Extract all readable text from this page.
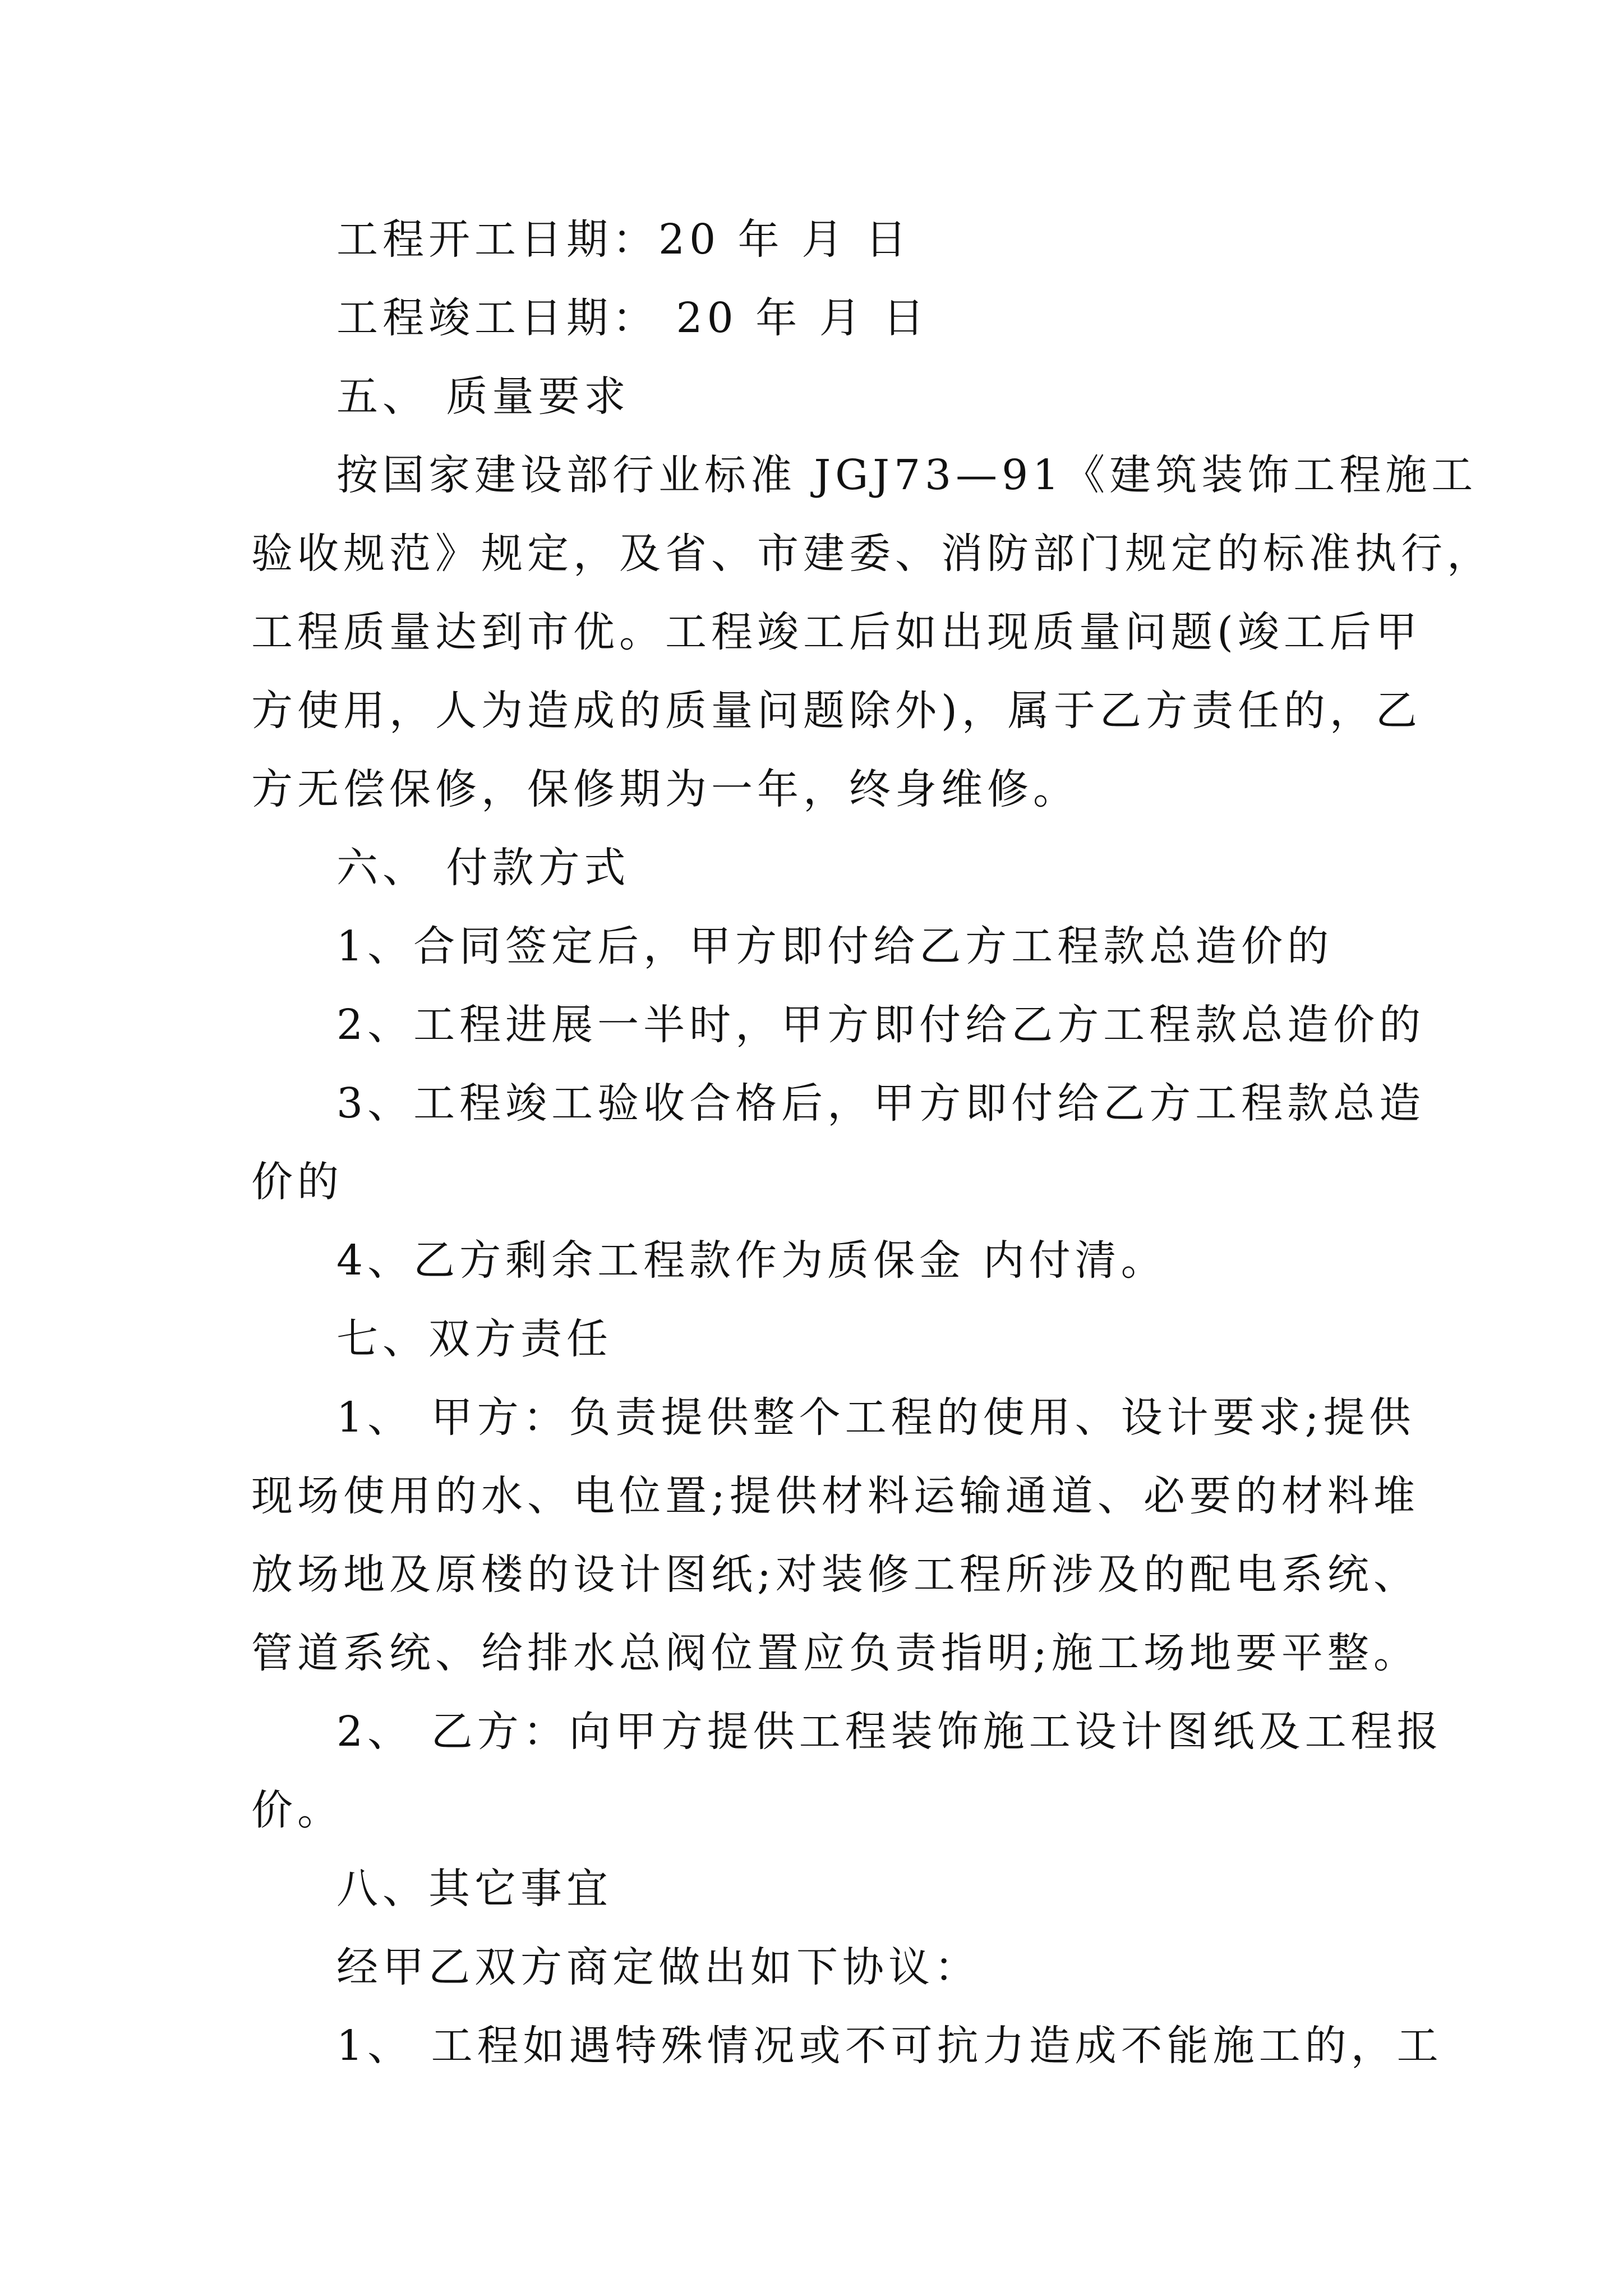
工程开工日期：20 年 月 日

工程竣工日期： 20 年 月 日

五、 质量要求

按国家建设部行业标准 JGJ73—91《建筑装饰工程施工

验收规范》规定，及省、市建委、消防部门规定的标准执行，

工程质量达到市优。工程竣工后如出现质量问题(竣工后甲

方使用，人为造成的质量问题除外)，属于乙方责任的，乙

方无偿保修，保修期为一年，终身维修。

六、 付款方式

1、合同签定后，甲方即付给乙方工程款总造价的

2、工程进展一半时，甲方即付给乙方工程款总造价的

3、工程竣工验收合格后，甲方即付给乙方工程款总造

价的

4、乙方剩余工程款作为质保金 内付清。

七、双方责任

1、 甲方：负责提供整个工程的使用、设计要求;提供

现场使用的水、电位置;提供材料运输通道、必要的材料堆

放场地及原楼的设计图纸;对装修工程所涉及的配电系统、

管道系统、给排水总阀位置应负责指明;施工场地要平整。

2、 乙方：向甲方提供工程装饰施工设计图纸及工程报

价。

八、其它事宜

经甲乙双方商定做出如下协议：

1、 工程如遇特殊情况或不可抗力造成不能施工的，工
